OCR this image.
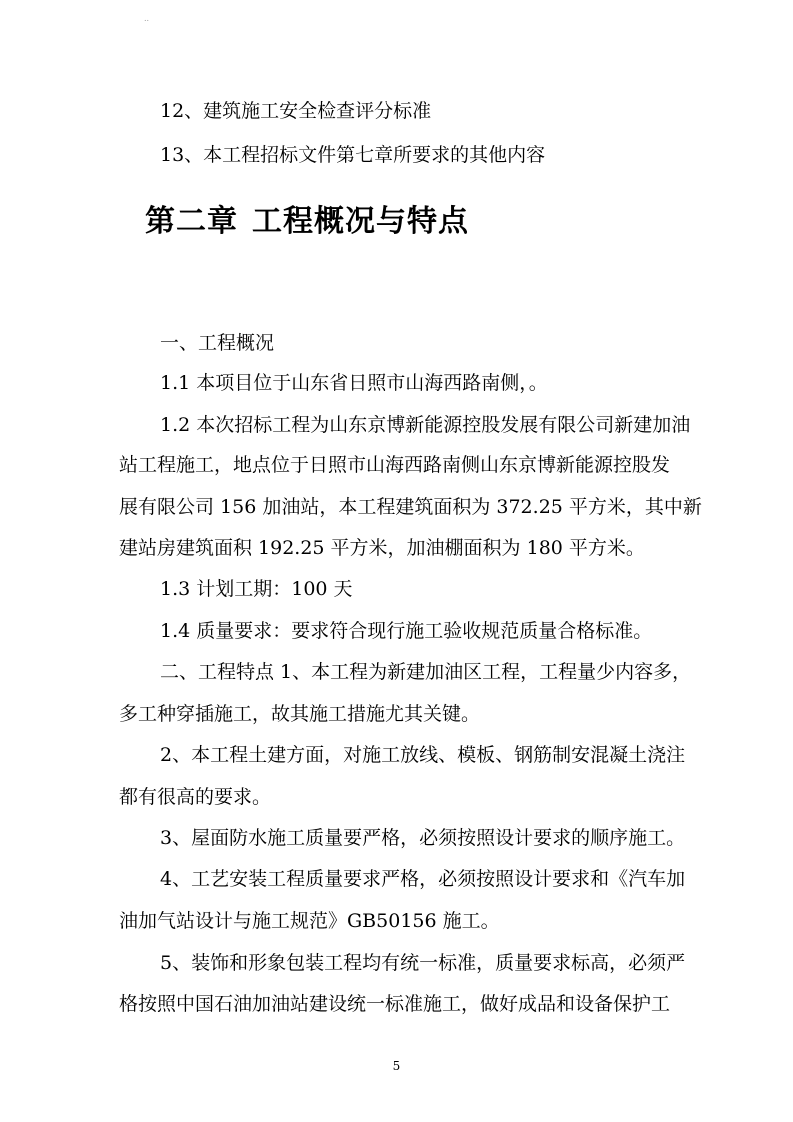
..
12、建筑施工安全检查评分标准
13、本工程招标文件第七章所要求的其他内容
第二章 工程概况与特点
一、工程概况
1.1 本项目位于山东省日照市山海西路南侧，。
1.2 本次招标工程为山东京博新能源控股发展有限公司新建加油
站工程施工，地点位于日照市山海西路南侧山东京博新能源控股发
展有限公司 156 加油站，本工程建筑面积为 372.25 平方米，其中新
建站房建筑面积 192.25 平方米，加油棚面积为 180 平方米。
1.3 计划工期：100 天
1.4 质量要求：要求符合现行施工验收规范质量合格标准。
二、工程特点 1、本工程为新建加油区工程，工程量少内容多，
多工种穿插施工，故其施工措施尤其关键。
2、本工程土建方面，对施工放线、模板、钢筋制安混凝土浇注
都有很高的要求。
3、屋面防水施工质量要严格，必须按照设计要求的顺序施工。
4、工艺安装工程质量要求严格，必须按照设计要求和《汽车加
油加气站设计与施工规范》GB50156 施工。
5、装饰和形象包装工程均有统一标准，质量要求标高，必须严
格按照中国石油加油站建设统一标准施工，做好成品和设备保护工
5
